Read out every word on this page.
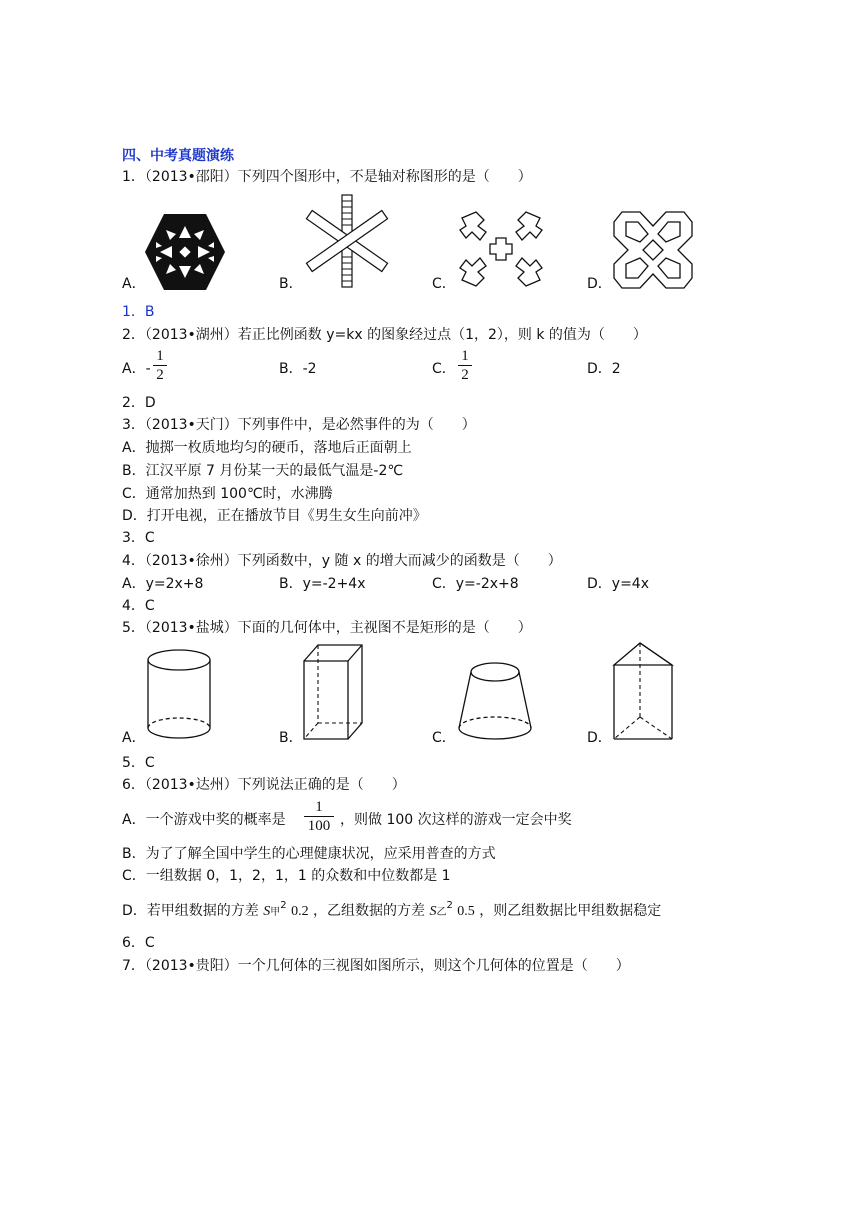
四、中考真题演练
1．（2013•邵阳）下列四个图形中，不是轴对称图形的是（　　）
A．	B．	C．	D．
1．B
2．（2013•湖州）若正比例函数 y=kx 的图象经过点（1，2），则 k 的值为（　　）
A．-
1
2	B．-2	C．
1
2	D．2
2．D
3．（2013•天门）下列事件中，是必然事件的为（　　）
A．抛掷一枚质地均匀的硬币，落地后正面朝上
B．江汉平原 7 月份某一天的最低气温是-2℃
C．通常加热到 100℃时，水沸腾
D．打开电视，正在播放节目《男生女生向前冲》
3．C
4．（2013•徐州）下列函数中，y 随 x 的增大而减少的函数是（　　）
A．y=2x+8	B．y=-2+4x	C．y=-2x+8	D．y=4x
4．C
5．（2013•盐城）下面的几何体中，主视图不是矩形的是（　　）
A．	B．	C．	D．
5．C
6．（2013•达州）下列说法正确的是（　　）
A．一个游戏中奖的概率是
1
100 ，则做 100 次这样的游戏一定会中奖
B．为了了解全国中学生的心理健康状况，应采用普查的方式
C．一组数据 0，1，2，1，1 的众数和中位数都是 1
D．若甲组数据的方差 S甲$^2$ 0.2 ，乙组数据的方差 S乙$^2$ 0.5 ，则乙组数据比甲组数据稳定
6．C
7．（2013•贵阳）一个几何体的三视图如图所示，则这个几何体的位置是（　　）
